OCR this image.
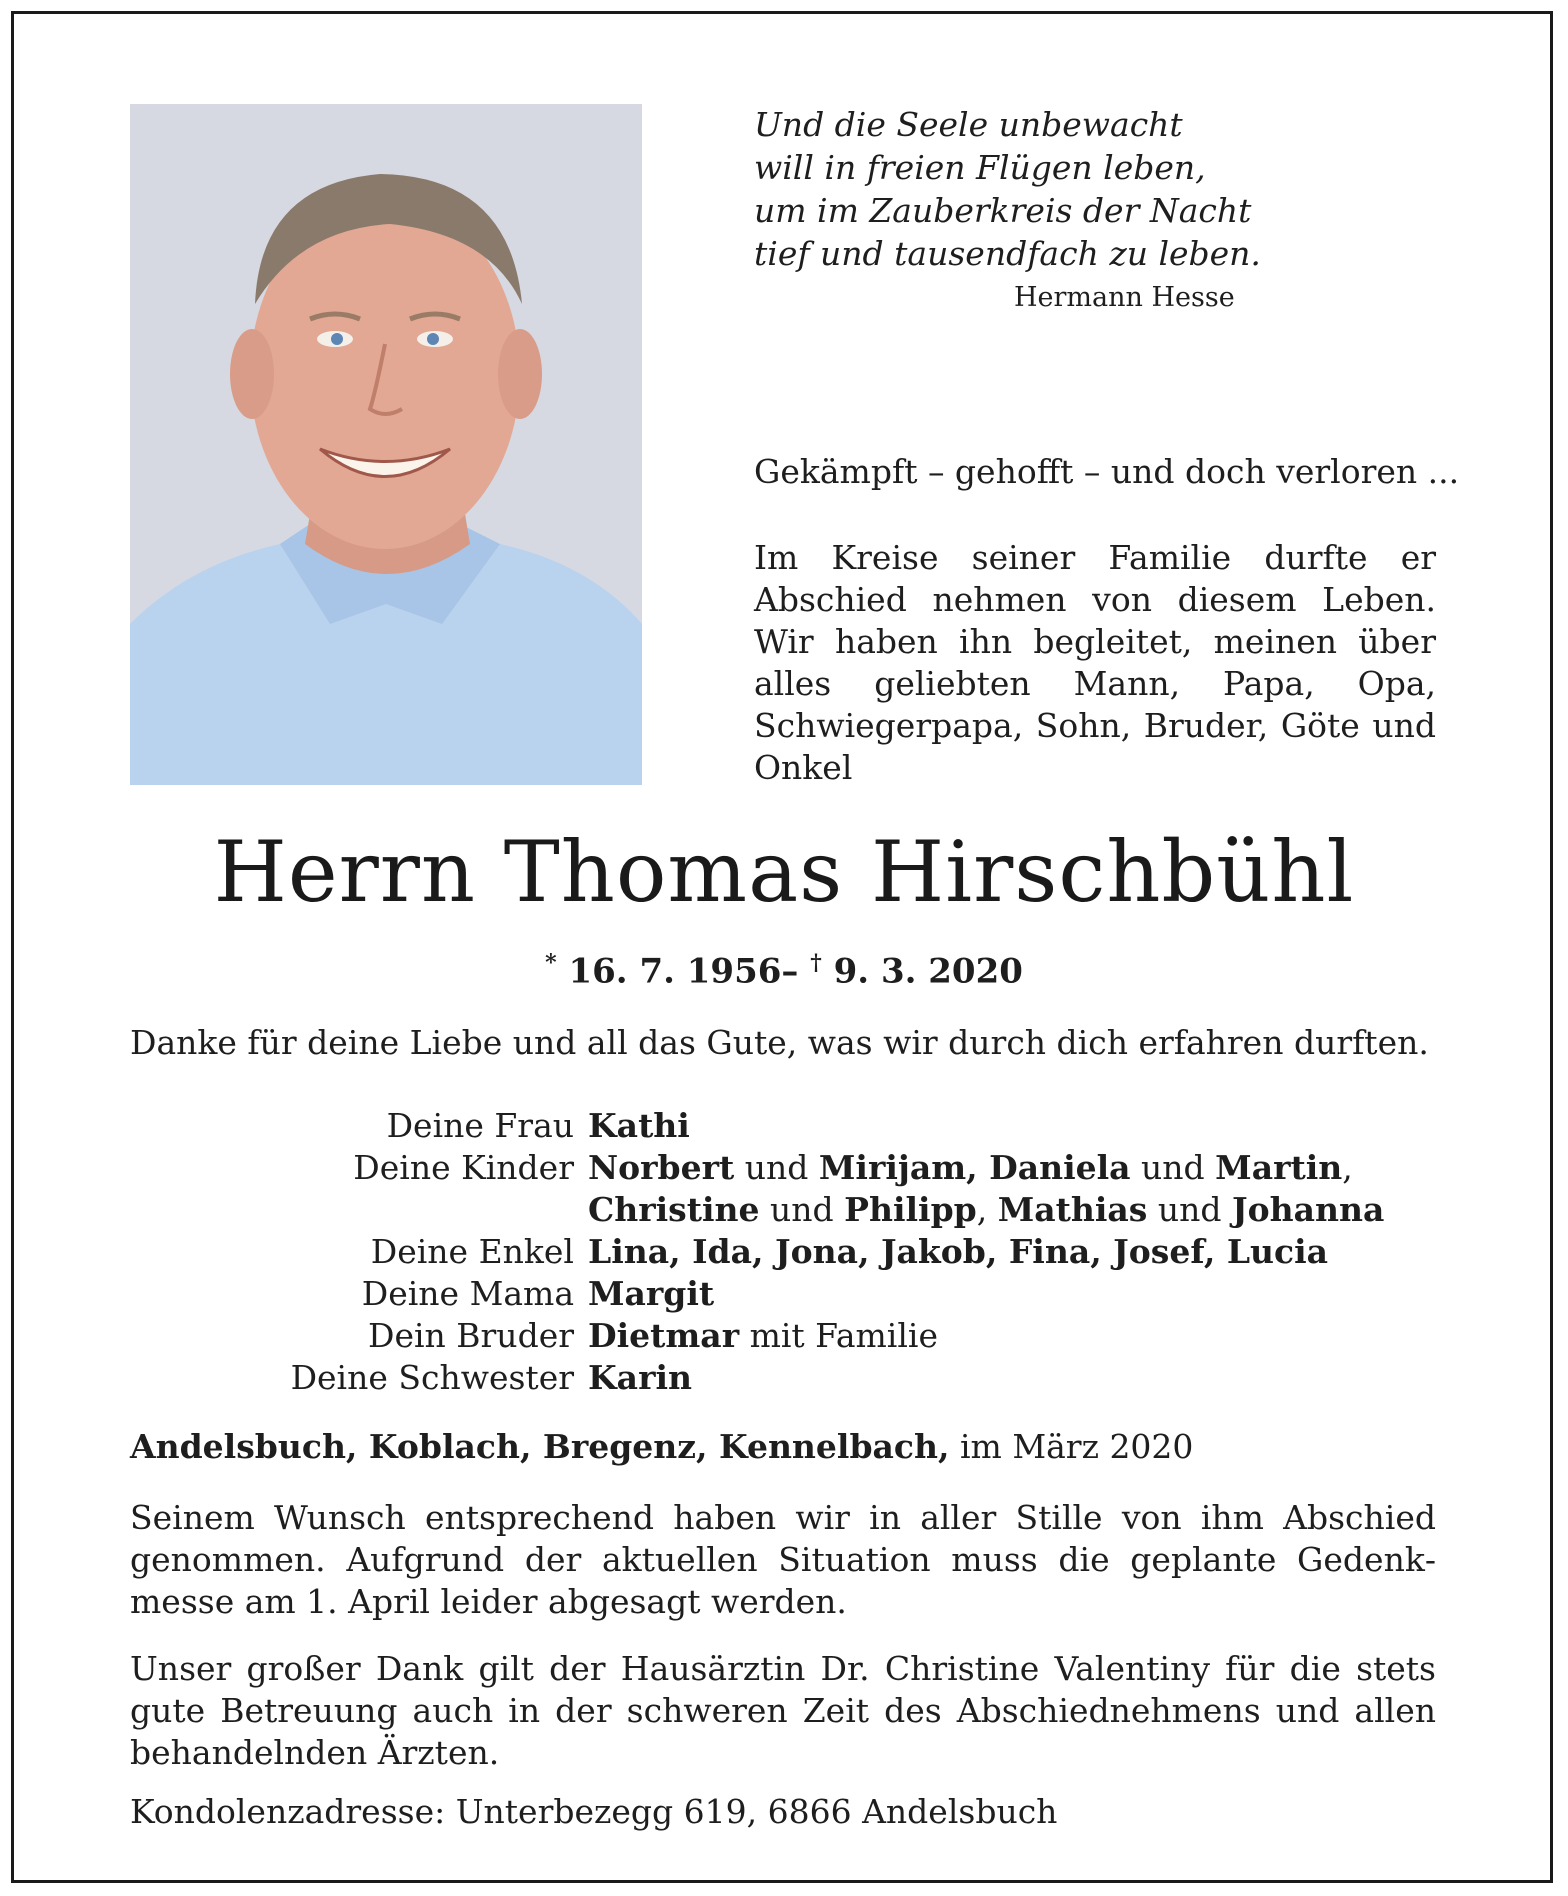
Und die Seele unbewacht
will in freien Flügen leben,
um im Zauberkreis der Nacht
tief und tausendfach zu leben.
Hermann Hesse
Gekämpft – gehofft – und doch verloren ...
Im Kreise seiner Familie durfte er Abschied nehmen von diesem Leben. Wir haben ihn begleitet, meinen über alles geliebten Mann, Papa, Opa, Schwiegerpapa, Sohn, Bruder, Göte und Onkel
Herrn Thomas Hirschbühl
* 16. 7. 1956– † 9. 3. 2020
Danke für deine Liebe und all das Gute, was wir durch dich erfahren durften.
Deine Frau Kathi
Deine Kinder Norbert und Mirijam, Daniela und Martin,
Christine und Philipp, Mathias und Johanna
Deine Enkel Lina, Ida, Jona, Jakob, Fina, Josef, Lucia
Deine Mama Margit
Dein Bruder Dietmar mit Familie
Deine Schwester Karin
Andelsbuch, Koblach, Bregenz, Kennelbach, im März 2020
Seinem Wunsch entsprechend haben wir in aller Stille von ihm Abschied genommen. Aufgrund der aktuellen Situation muss die geplante Gedenkmesse am 1. April leider abgesagt werden.
Unser großer Dank gilt der Hausärztin Dr. Christine Valentiny für die stets gute Betreuung auch in der schweren Zeit des Abschiednehmens und allen behandelnden Ärzten.
Kondolenzadresse: Unterbezegg 619, 6866 Andelsbuch
